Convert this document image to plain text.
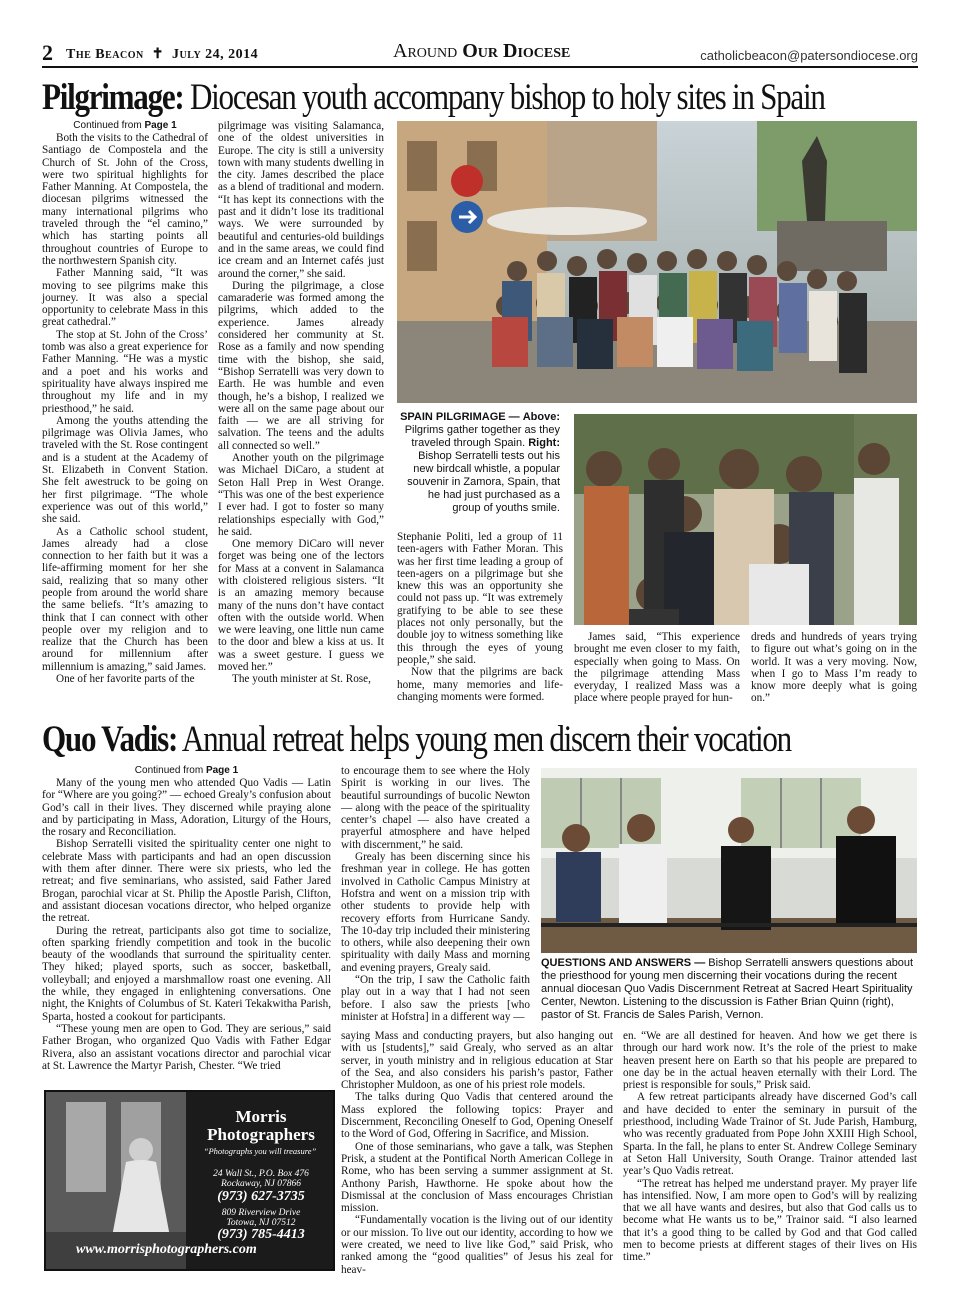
2 The Beacon ✝ July 24, 2014	Around Our Diocese	catholicbeacon@patersondiocese.org
Pilgrimage: Diocesan youth accompany bishop to holy sites in Spain
Continued from Page 1

Both the visits to the Cathedral of Santiago de Compostela and the Church of St. John of the Cross, were two spiritual highlights for Father Manning. At Compostela, the diocesan pilgrims witnessed the many international pilgrims who traveled through the “el camino,” which has starting points all throughout countries of Europe to the northwestern Spanish city.

Father Manning said, “It was moving to see pilgrims make this journey. It was also a special opportunity to celebrate Mass in this great cathedral.”

The stop at St. John of the Cross’ tomb was also a great experience for Father Manning. “He was a mystic and a poet and his works and spirituality have always inspired me throughout my life and in my priesthood,” he said.

Among the youths attending the pilgrimage was Olivia James, who traveled with the St. Rose contingent and is a student at the Academy of St. Elizabeth in Convent Station. She felt awestruck to be going on her first pilgrimage. “The whole experience was out of this world,” she said.

As a Catholic school student, James already had a close connection to her faith but it was a life-affirming moment for her she said, realizing that so many other people from around the world share the same beliefs. “It’s amazing to think that I can connect with other people over my religion and to realize that the Church has been around for millennium after millennium is amazing,” said James.

One of her favorite parts of the

pilgrimage was visiting Salamanca, one of the oldest universities in Europe. The city is still a university town with many students dwelling in the city. James described the place as a blend of traditional and modern. “It has kept its connections with the past and it didn’t lose its traditional ways. We were surrounded by beautiful and centuries-old buildings and in the same areas, we could find ice cream and an Internet cafés just around the corner,” she said.

During the pilgrimage, a close camaraderie was formed among the pilgrims, which added to the experience. James already considered her community at St. Rose as a family and now spending time with the bishop, she said, “Bishop Serratelli was very down to Earth. He was humble and even though, he’s a bishop, I realized we were all on the same page about our faith — we are all striving for salvation. The teens and the adults all connected so well.”

Another youth on the pilgrimage was Michael DiCaro, a student at Seton Hall Prep in West Orange. “This was one of the best experience I ever had. I got to foster so many relationships especially with God,” he said.

One memory DiCaro will never forget was being one of the lectors for Mass at a convent in Salamanca with cloistered religious sisters. “It is an amazing memory because many of the nuns don’t have contact often with the outside world. When we were leaving, one little nun came to the door and blew a kiss at us. It was a sweet gesture. I guess we moved her.”

The youth minister at St. Rose,

SPAIN PILGRIMAGE — Above: Pilgrims gather together as they traveled through Spain. Right: Bishop Serratelli tests out his new birdcall whistle, a popular souvenir in Zamora, Spain, that he had just purchased as a group of youths smile.

Stephanie Politi, led a group of 11 teen-agers with Father Moran. This was her first time leading a group of teen-agers on a pilgrimage but she knew this was an opportunity she could not pass up. “It was extremely gratifying to be able to see these places not only personally, but the double joy to witness something like this through the eyes of young people,” she said.

Now that the pilgrims are back home, many memories and life-changing moments were formed.

James said, “This experience brought me even closer to my faith, especially when going to Mass. On the pilgrimage attending Mass everyday, I realized Mass was a place where people prayed for hun-

dreds and hundreds of years trying to figure out what’s going on in the world. It was a very moving. Now, when I go to Mass I’m ready to know more deeply what is going on.”

Quo Vadis: Annual retreat helps young men discern their vocation
Continued from Page 1

Many of the young men who attended Quo Vadis — Latin for “Where are you going?” — echoed Grealy’s confusion about God’s call in their lives. They discerned while praying alone and by participating in Mass, Adoration, Liturgy of the Hours, the rosary and Reconciliation.

Bishop Serratelli visited the spirituality center one night to celebrate Mass with participants and had an open discussion with them after dinner. There were six priests, who led the retreat; and five seminarians, who assisted, said Father Jared Brogan, parochial vicar at St. Philip the Apostle Parish, Clifton, and assistant diocesan vocations director, who helped organize the retreat.

During the retreat, participants also got time to socialize, often sparking friendly competition and took in the bucolic beauty of the woodlands that surround the spirituality center. They hiked; played sports, such as soccer, basketball, volleyball; and enjoyed a marshmallow roast one evening. All the while, they engaged in enlightening conversations. One night, the Knights of Columbus of St. Kateri Tekakwitha Parish, Sparta, hosted a cookout for participants.

“These young men are open to God. They are serious,” said Father Brogan, who organized Quo Vadis with Father Edgar Rivera, also an assistant vocations director and parochial vicar at St. Lawrence the Martyr Parish, Chester. “We tried

to encourage them to see where the Holy Spirit is working in our lives. The beautiful surroundings of bucolic Newton — along with the peace of the spirituality center’s chapel — also have created a prayerful atmosphere and have helped with discernment,” he said.

Grealy has been discerning since his freshman year in college. He has gotten involved in Catholic Campus Ministry at Hofstra and went on a mission trip with other students to provide help with recovery efforts from Hurricane Sandy. The 10-day trip included their ministering to others, while also deepening their own spirituality with daily Mass and morning and evening prayers, Grealy said.

“On the trip, I saw the Catholic faith play out in a way that I had not seen before. I also saw the priests [who minister at Hofstra] in a different way —

saying Mass and conducting prayers, but also hanging out with us [students],” said Grealy, who served as an altar server, in youth ministry and in religious education at Star of the Sea, and also considers his parish’s pastor, Father Christopher Muldoon, as one of his priest role models.

The talks during Quo Vadis that centered around the Mass explored the following topics: Prayer and Discernment, Reconciling Oneself to God, Opening Oneself to the Word of God, Offering in Sacrifice, and Mission.

One of those seminarians, who gave a talk, was Stephen Prisk, a student at the Pontifical North American College in Rome, who has been serving a summer assignment at St. Anthony Parish, Hawthorne. He spoke about how the Dismissal at the conclusion of Mass encourages Christian mission.

“Fundamentally vocation is the living out of our identity or our mission. To live out our identity, according to how we were created, we need to live like God,” said Prisk, who ranked among the “good qualities” of Jesus his zeal for heav-

QUESTIONS AND ANSWERS — Bishop Serratelli answers questions about the priesthood for young men discerning their vocations during the recent annual diocesan Quo Vadis Discernment Retreat at Sacred Heart Spirituality Center, Newton. Listening to the discussion is Father Brian Quinn (right), pastor of St. Francis de Sales Parish, Vernon.

en. “We are all destined for heaven. And how we get there is through our hard work now. It’s the role of the priest to make heaven present here on Earth so that his people are prepared to one day be in the actual heaven eternally with their Lord. The priest is responsible for souls,” Prisk said.

A few retreat participants already have discerned God’s call and have decided to enter the seminary in pursuit of the priesthood, including Wade Trainor of St. Jude Parish, Hamburg, who was recently graduated from Pope John XXIII High School, Sparta. In the fall, he plans to enter St. Andrew College Seminary at Seton Hall University, South Orange. Trainor attended last year’s Quo Vadis retreat.

“The retreat has helped me understand prayer. My prayer life has intensified. Now, I am more open to God’s will by realizing that we all have wants and desires, but also that God calls us to become what He wants us to be,” Trainor said. “I also learned that it’s a good thing to be called by God and that God called men to become priests at different stages of their lives on His time.”

Morris
Photographers
“Photographs you will treasure”
24 Wall St., P.O. Box 476
Rockaway, NJ 07866
(973) 627-3735
809 Riverview Drive
Totowa, NJ 07512
(973) 785-4413
www.morrisphotographers.com
